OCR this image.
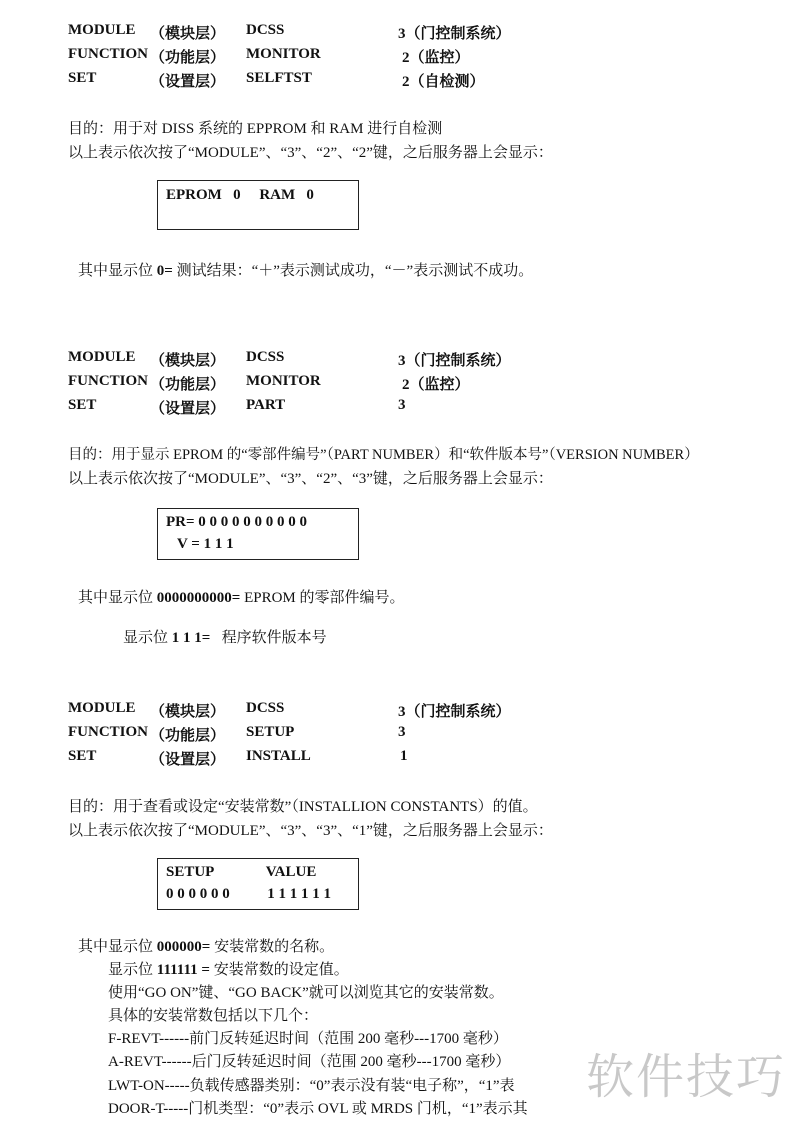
MODULE （模块层） DCSS	3（门控制系统）
FUNCTION （功能层） MONITOR	2（监控）
SET	（设置层） SELFTST	2（自检测）
目的：用于对 DISS 系统的 EPPROM 和 RAM 进行自检测
以上表示依次按了“MODULE”、“3”、“2”、“2”键，之后服务器上会显示：
EPROM   0     RAM   0
其中显示位 0= 测试结果：“＋”表示测试成功，“－”表示测试不成功。
MODULE （模块层） DCSS	3（门控制系统）
FUNCTION （功能层） MONITOR	2（监控）
SET	（设置层） PART	3
目的：用于显示 EPROM 的“零部件编号”（PART NUMBER）和“软件版本号”（VERSION NUMBER）
以上表示依次按了“MODULE”、“3”、“2”、“3”键，之后服务器上会显示：
PR= 0 0 0 0 0 0 0 0 0 0
V = 1 1 1
其中显示位 0000000000= EPROM 的零部件编号。

显示位 1 1 1=   程序软件版本号

MODULE （模块层） DCSS	3（门控制系统）
FUNCTION （功能层） SETUP	3
SET	（设置层） INSTALL	1
目的：用于查看或设定“安装常数”（INSTALLION CONSTANTS）的值。
以上表示依次按了“MODULE”、“3”、“3”、“1”键，之后服务器上会显示：
SETUP              VALUE
0 0 0 0 0 0          1 1 1 1 1 1
其中显示位 000000= 安装常数的名称。
显示位 111111 = 安装常数的设定值。
使用“GO ON”键、“GO BACK”就可以浏览其它的安装常数。
具体的安装常数包括以下几个：
F-REVT------前门反转延迟时间（范围 200 毫秒---1700 毫秒）
A-REVT------后门反转延迟时间（范围 200 毫秒---1700 毫秒）
LWT-ON-----负载传感器类别：“0”表示没有装“电子称”，“1”表
DOOR-T-----门机类型：“0”表示 OVL 或 MRDS 门机，“1”表示其
软件技巧
